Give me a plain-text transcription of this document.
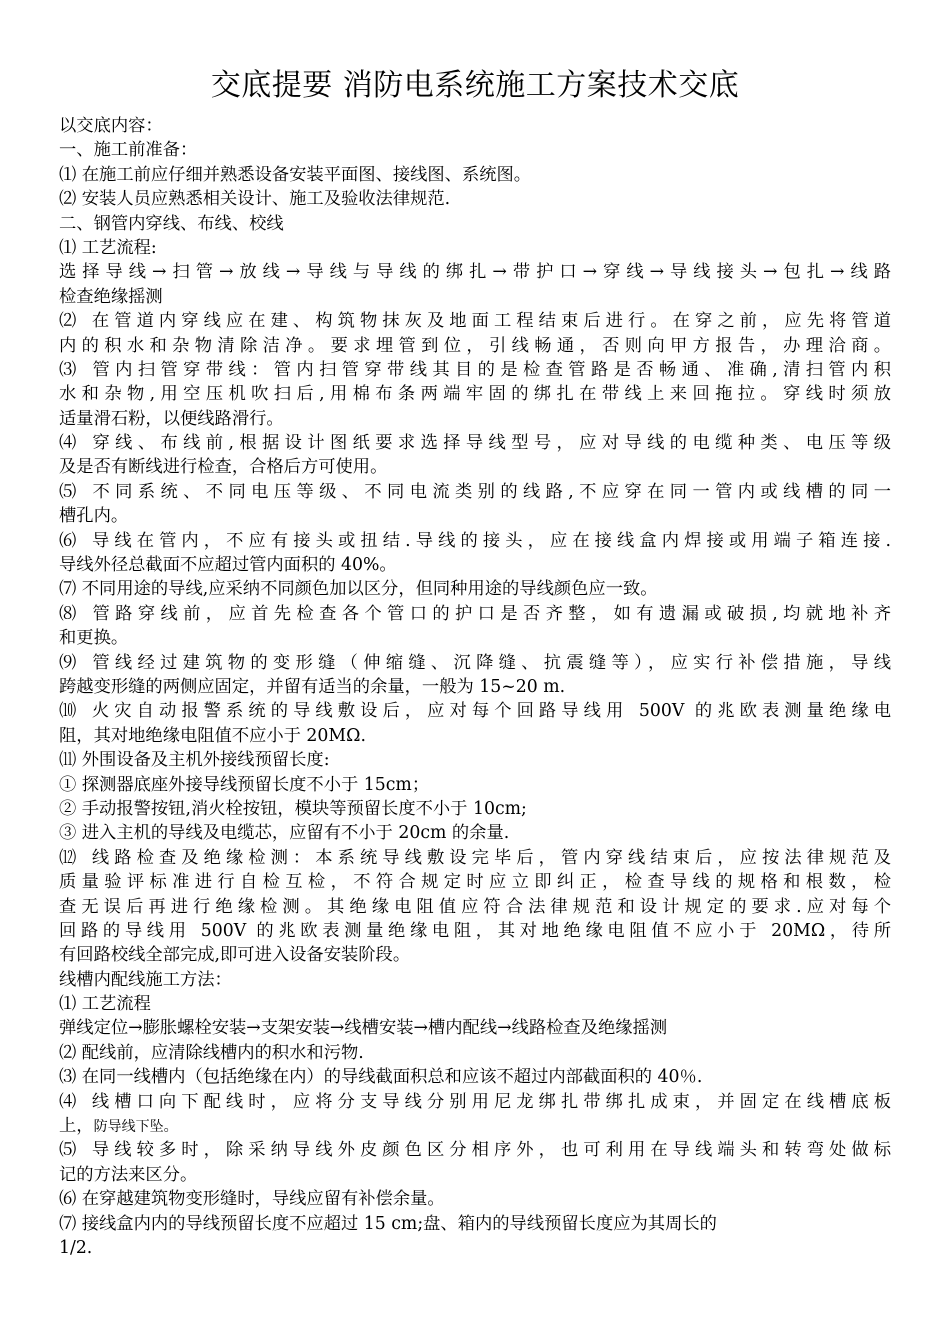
交底提要 消防电系统施工方案技术交底
以交底内容：
一、施工前准备：
⑴ 在施工前应仔细并熟悉设备安装平面图、接线图、系统图。
⑵ 安装人员应熟悉相关设计、施工及验收法律规范.
二、钢管内穿线、布线、校线
⑴ 工艺流程:
选择导线→扫管→放线→导线与导线的绑扎→带护口→穿线→导线接头→包扎→线路
检查绝缘摇测
⑵ 在管道内穿线应在建、构筑物抹灰及地面工程结束后进行。在穿之前，应先将管道
内的积水和杂物清除洁净。要求埋管到位，引线畅通，否则向甲方报告，办理洽商。
⑶ 管内扫管穿带线：管内扫管穿带线其目的是检查管路是否畅通、准确,清扫管内积
水和杂物,用空压机吹扫后,用棉布条两端牢固的绑扎在带线上来回拖拉。穿线时须放
适量滑石粉，以便线路滑行。
⑷ 穿线、布线前,根据设计图纸要求选择导线型号，应对导线的电缆种类、电压等级
及是否有断线进行检查，合格后方可使用。
⑸ 不同系统、不同电压等级、不同电流类别的线路,不应穿在同一管内或线槽的同一
槽孔内。
⑹ 导线在管内，不应有接头或扭结.导线的接头，应在接线盒内焊接或用端子箱连接.
导线外径总截面不应超过管内面积的 40%。
⑺ 不同用途的导线,应采纳不同颜色加以区分，但同种用途的导线颜色应一致。
⑻ 管路穿线前，应首先检查各个管口的护口是否齐整，如有遗漏或破损,均就地补齐
和更换。
⑼ 管线经过建筑物的变形缝（伸缩缝、沉降缝、抗震缝等），应实行补偿措施，导线
跨越变形缝的两侧应固定，并留有适当的余量，一般为 15~20 m.
⑽ 火灾自动报警系统的导线敷设后，应对每个回路导线用 500V 的兆欧表测量绝缘电
阻，其对地绝缘电阻值不应小于 20MΩ.
⑾ 外围设备及主机外接线预留长度:
① 探测器底座外接导线预留长度不小于 15cm；
② 手动报警按钮,消火栓按钮，模块等预留长度不小于 10cm;
③ 进入主机的导线及电缆芯，应留有不小于 20cm 的余量.
⑿ 线路检查及绝缘检测：本系统导线敷设完毕后，管内穿线结束后，应按法律规范及
质量验评标准进行自检互检，不符合规定时应立即纠正，检查导线的规格和根数，检
查无误后再进行绝缘检测。其绝缘电阻值应符合法律规范和设计规定的要求.应对每个
回路的导线用 500V 的兆欧表测量绝缘电阻，其对地绝缘电阻值不应小于 20MΩ，待所
有回路校线全部完成,即可进入设备安装阶段。
线槽内配线施工方法：
⑴ 工艺流程
弹线定位→膨胀螺栓安装→支架安装→线槽安装→槽内配线→线路检查及绝缘摇测
⑵ 配线前，应清除线槽内的积水和污物.
⑶ 在同一线槽内（包括绝缘在内）的导线截面积总和应该不超过内部截面积的 40％.
⑷ 线槽口向下配线时，应将分支导线分别用尼龙绑扎带绑扎成束，并固定在线槽底板
上，防导线下坠。
⑸ 导线较多时，除采纳导线外皮颜色区分相序外，也可利用在导线端头和转弯处做标
记的方法来区分。
⑹ 在穿越建筑物变形缝时，导线应留有补偿余量。
⑺ 接线盒内内的导线预留长度不应超过 15 cm;盘、箱内的导线预留长度应为其周长的
1/2.
